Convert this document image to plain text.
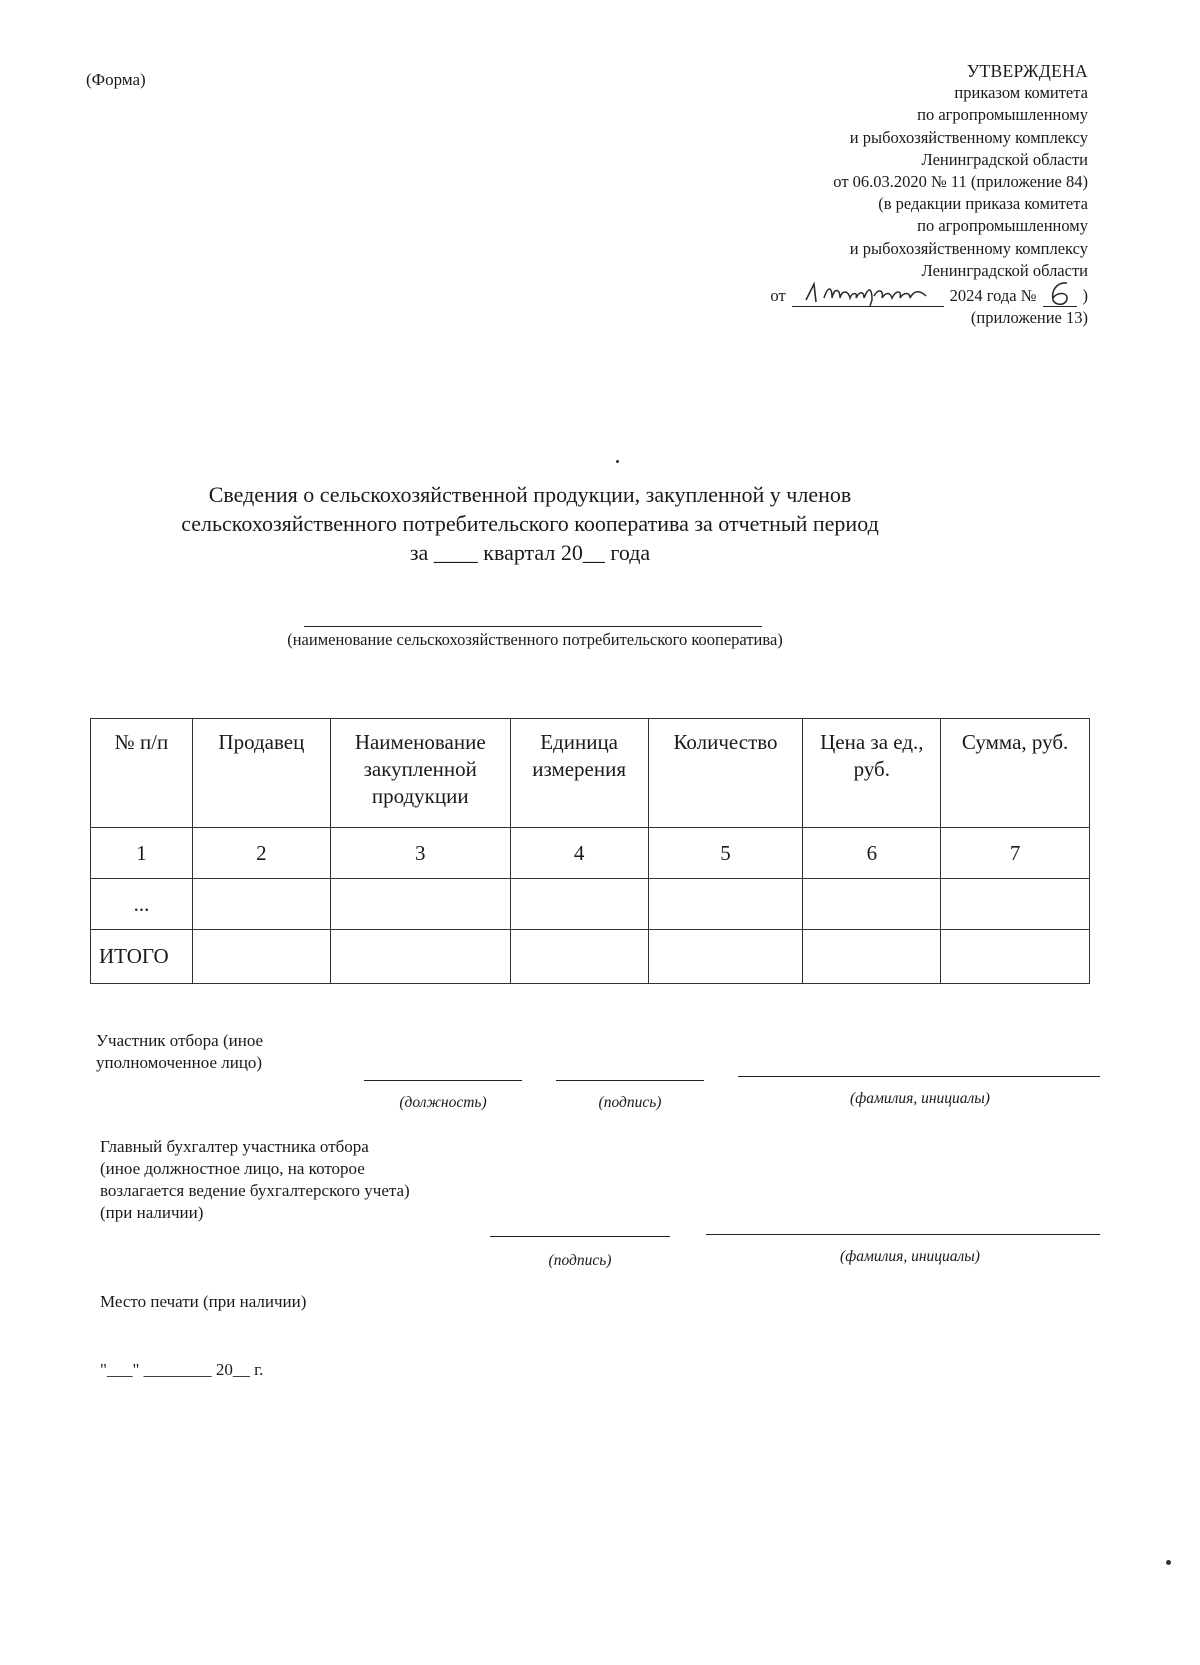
(Форма)	УТВЕРЖДЕНА
приказом комитета
по агропромышленному
и рыбохозяйственному комплексу
Ленинградской области
от 06.03.2020 № 11 (приложение 84)
(в редакции приказа комитета
по агропромышленному
и рыбохозяйственному комплексу
Ленинградской области
от	2024 года №	)
(приложение 13)
Сведения о сельскохозяйственной продукции, закупленной у членов
сельскохозяйственного потребительского кооператива за отчетный период
за ____ квартал 20__ года
(наименование сельскохозяйственного потребительского кооператива)
№ п/п	Продавец	Наименование закупленной продукции	Единица измерения	Количество	Цена за ед., руб.	Сумма, руб.
1	2	3	4	5	6	7
...						
ИТОГО						
Участник отбора (иное
уполномоченное лицо)
(должность)	(подпись)	(фамилия, инициалы)
Главный бухгалтер участника отбора
(иное должностное лицо, на которое
возлагается ведение бухгалтерского учета)
(при наличии)
(подпись)	(фамилия, инициалы)
Место печати (при наличии)
"___" ________ 20__ г.
